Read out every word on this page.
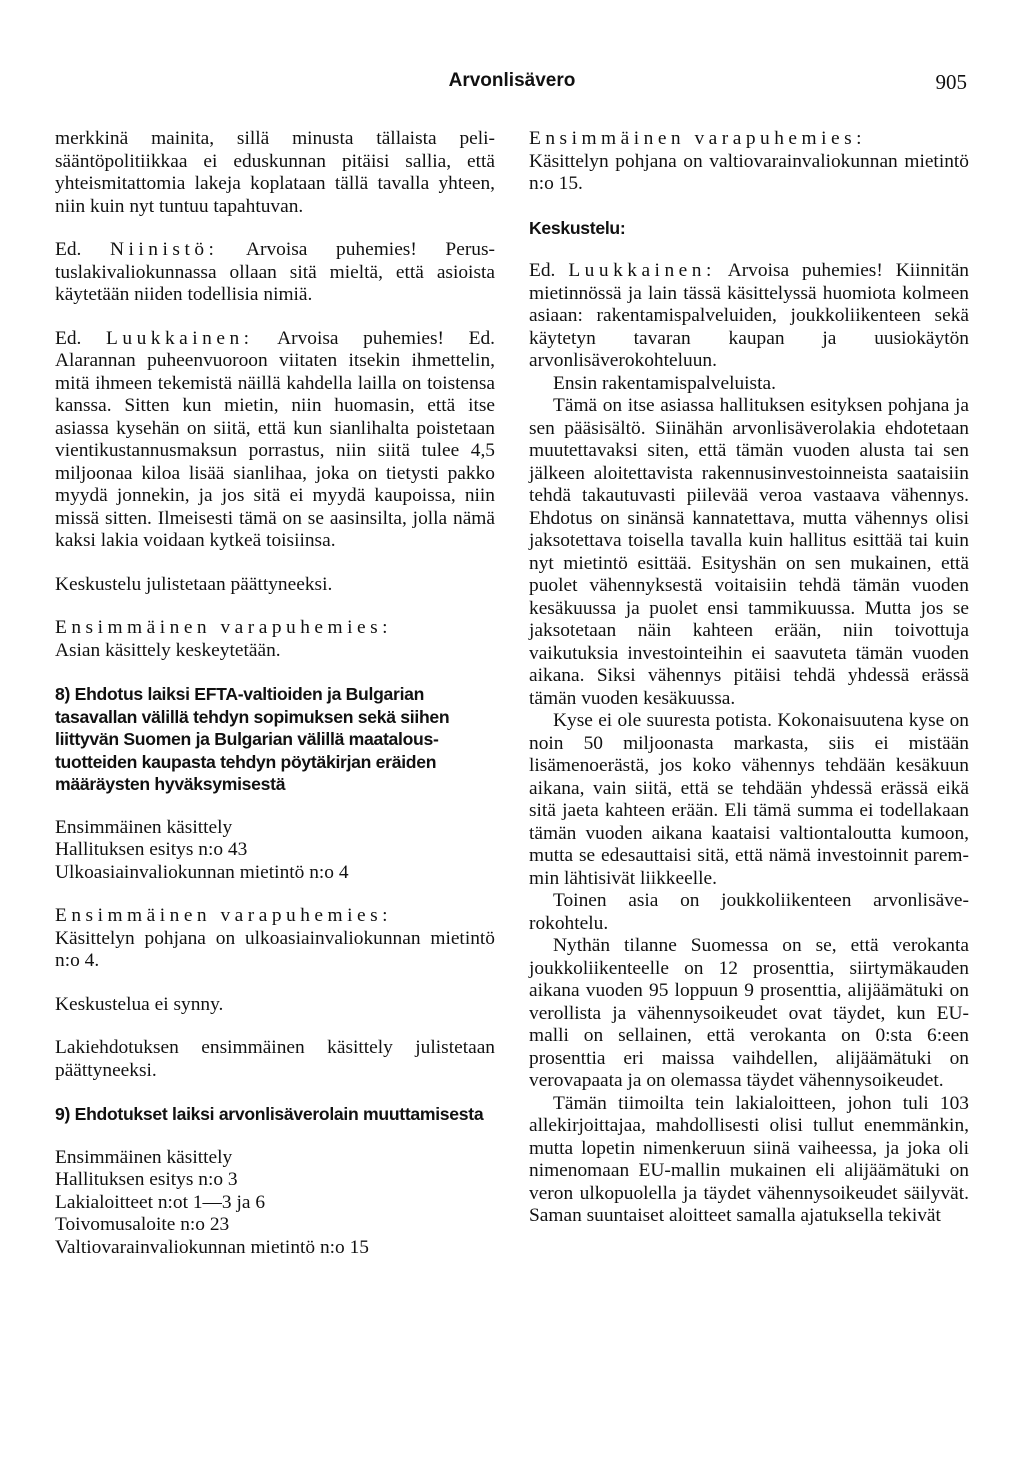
Arvonlisävero	905

merkkinä mainita, sillä minusta tällaista pelisääntöpolitiikkaa ei eduskunnan pitäisi sallia, että yhteismitattomia lakeja koplataan tällä tavalla yhteen, niin kuin nyt tuntuu tapahtuvan.

Ed. Niinistö: Arvoisa puhemies! Perustuslakivaliokunnassa ollaan sitä mieltä, että asioista käytetään niiden todellisia nimiä.

Ed. Luukkainen: Arvoisa puhemies! Ed. Alarannan puheenvuoroon viitaten itsekin ihmettelin, mitä ihmeen tekemistä näillä kahdella lailla on toistensa kanssa. Sitten kun mietin, niin huomasin, että itse asiassa kysehän on siitä, että kun sianlihalta poistetaan vientikustannusmaksun porrastus, niin siitä tulee 4,5 miljoonaa kiloa lisää sianlihaa, joka on tietysti pakko myydä jonnekin, ja jos sitä ei myydä kaupoissa, niin missä sitten. Ilmeisesti tämä on se aasinsilta, jolla nämä kaksi lakia voidaan kytkeä toisiinsa.

Keskustelu julistetaan päättyneeksi.

Ensimmäinen varapuhemies:
Asian käsittely keskeytetään.

8) Ehdotus laiksi EFTA-valtioiden ja Bulgarian tasavallan välillä tehdyn sopimuksen sekä siihen liittyvän Suomen ja Bulgarian välillä maataloustuotteiden kaupasta tehdyn pöytäkirjan eräiden määräysten hyväksymisestä

Ensimmäinen käsittely
Hallituksen esitys n:o 43
Ulkoasiainvaliokunnan mietintö n:o 4

Ensimmäinen varapuhemies:
Käsittelyn pohjana on ulkoasiainvaliokunnan mietintö n:o 4.

Keskustelua ei synny.

Lakiehdotuksen ensimmäinen käsittely julistetaan päättyneeksi.

9) Ehdotukset laiksi arvonlisäverolain muuttamisesta

Ensimmäinen käsittely
Hallituksen esitys n:o 3
Lakialoitteet n:ot 1—3 ja 6
Toivomusaloite n:o 23
Valtiovarainvaliokunnan mietintö n:o 15

Ensimmäinen varapuhemies:
Käsittelyn pohjana on valtiovarainvaliokunnan mietintö n:o 15.

Keskustelu:

Ed. Luukkainen: Arvoisa puhemies! Kiinnitän mietinnössä ja lain tässä käsittelyssä huomiota kolmeen asiaan: rakentamispalveluiden, joukkoliikenteen sekä käytetyn tavaran kaupan ja uusiokäytön arvonlisäverokohteluun.

Ensin rakentamispalveluista.

Tämä on itse asiassa hallituksen esityksen pohjana ja sen pääsisältö. Siinähän arvonlisäverolakia ehdotetaan muutettavaksi siten, että tämän vuoden alusta tai sen jälkeen aloitettavista rakennusinvestoinneista saataisiin tehdä takautuvasti piilevää veroa vastaava vähennys. Ehdotus on sinänsä kannatettava, mutta vähennys olisi jaksotettava toisella tavalla kuin hallitus esittää tai kuin nyt mietintö esittää. Esityshän on sen mukainen, että puolet vähennyksestä voitaisiin tehdä tämän vuoden kesäkuussa ja puolet ensi tammikuussa. Mutta jos se jaksotetaan näin kahteen erään, niin toivottuja vaikutuksia investointeihin ei saavuteta tämän vuoden aikana. Siksi vähennys pitäisi tehdä yhdessä erässä tämän vuoden kesäkuussa.

Kyse ei ole suuresta potista. Kokonaisuutena kyse on noin 50 miljoonasta markasta, siis ei mistään lisämenoerästä, jos koko vähennys tehdään kesäkuun aikana, vain siitä, että se tehdään yhdessä erässä eikä sitä jaeta kahteen erään. Eli tämä summa ei todellakaan tämän vuoden aikana kaataisi valtiontaloutta kumoon, mutta se edesauttaisi sitä, että nämä investoinnit paremmin lähtisivät liikkeelle.

Toinen asia on joukkoliikenteen arvonlisäverokohtelu.

Nythän tilanne Suomessa on se, että verokanta joukkoliikenteelle on 12 prosenttia, siirtymäkauden aikana vuoden 95 loppuun 9 prosenttia, alijäämätuki on verollista ja vähennysoikeudet ovat täydet, kun EU-malli on sellainen, että verokanta on 0:sta 6:een prosenttia eri maissa vaihdellen, alijäämätuki on verovapaata ja on olemassa täydet vähennysoikeudet.

Tämän tiimoilta tein lakialoitteen, johon tuli 103 allekirjoittajaa, mahdollisesti olisi tullut enemmänkin, mutta lopetin nimenkeruun siinä vaiheessa, ja joka oli nimenomaan EU-mallin mukainen eli alijäämätuki on veron ulkopuolella ja täydet vähennysoikeudet säilyvät. Saman suuntaiset aloitteet samalla ajatuksella tekivät
